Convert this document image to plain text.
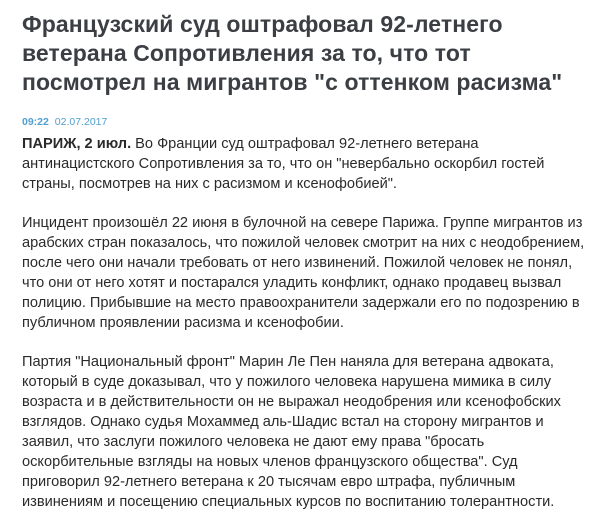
Французский суд оштрафовал 92-летнего ветерана Сопротивления за то, что тот посмотрел на мигрантов "с оттенком расизма"
09:22 02.07.2017

ПАРИЖ, 2 июл. Во Франции суд оштрафовал 92-летнего ветерана антинацистского Сопротивления за то, что он "невербально оскорбил гостей страны, посмотрев на них с расизмом и ксенофобией".

Инцидент произошёл 22 июня в булочной на севере Парижа. Группе мигрантов из арабских стран показалось, что пожилой человек смотрит на них с неодобрением, после чего они начали требовать от него извинений. Пожилой человек не понял, что они от него хотят и постарался уладить конфликт, однако продавец вызвал полицию. Прибывшие на место правоохранители задержали его по подозрению в публичном проявлении расизма и ксенофобии.

Партия "Национальный фронт" Марин Ле Пен наняла для ветерана адвоката, который в суде доказывал, что у пожилого человека нарушена мимика в силу возраста и в действительности он не выражал неодобрения или ксенофобских взглядов. Однако судья Мохаммед аль-Шадис встал на сторону мигрантов и заявил, что заслуги пожилого человека не дают ему права "бросать оскорбительные взгляды на новых членов французского общества". Суд приговорил 92-летнего ветерана к 20 тысячам евро штрафа, публичным извинениям и посещению специальных курсов по воспитанию толерантности.
